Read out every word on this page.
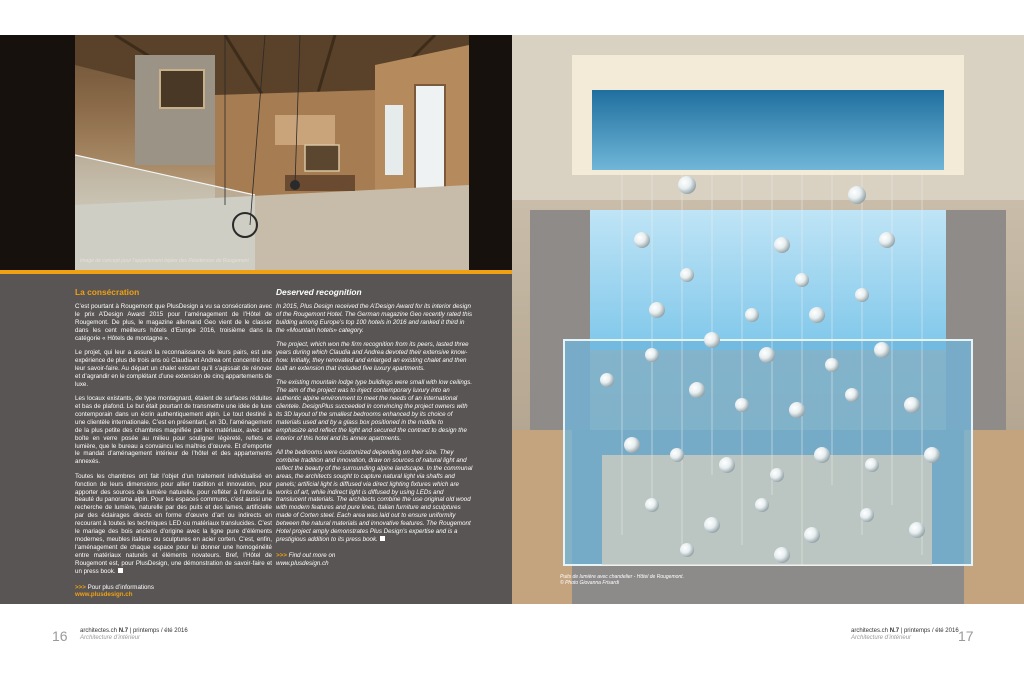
Image de concept pour l’appartement triplex des Résidences de Rougemont
La consécration

C’est pourtant à Rougemont que PlusDesign a vu sa consécration avec le prix A’Design Award 2015 pour l’aménagement de l’Hôtel de Rougemont. De plus, le magazine allemand Geo vient de le classer dans les cent meilleurs hôtels d’Europe 2016, troisième dans la catégorie « Hôtels de montagne ».

Le projet, qui leur a assuré la reconnaissance de leurs pairs, est une expérience de plus de trois ans où Claudia et Andrea ont concentré tout leur savoir-faire. Au départ un chalet existant qu’il s’agissait de rénover et d’agrandir en le complétant d’une extension de cinq appartements de luxe.

Les locaux existants, de type montagnard, étaient de surfaces réduites et bas de plafond. Le but était pourtant de transmettre une idée de luxe contemporain dans un écrin authentiquement alpin. Le tout destiné à une clientèle internationale. C’est en présentant, en 3D, l’aménagement de la plus petite des chambres magnifiée par les matériaux, avec une boîte en verre posée au milieu pour souligner légèreté, reflets et lumière, que le bureau a convaincu les maîtres d’œuvre. Et d’emporter le mandat d’aménagement intérieur de l’hôtel et des appartements annexés.

Toutes les chambres ont fait l’objet d’un traitement individualisé en fonction de leurs dimensions pour allier tradition et innovation, pour apporter des sources de lumière naturelle, pour refléter à l’intérieur la beauté du panorama alpin. Pour les espaces communs, c’est aussi une recherche de lumière, naturelle par des puits et des lames, artificielle par des éclairages directs en forme d’œuvre d’art ou indirects en recourant à toutes les techniques LED ou matériaux translucides. C’est le mariage des bois anciens d’origine avec la ligne pure d’éléments modernes, meubles italiens ou sculptures en acier corten. C’est, enfin, l’aménagement de chaque espace pour lui donner une homogénéité entre matériaux naturels et éléments novateurs. Bref, l’Hôtel de Rougemont est, pour PlusDesign, une démonstration de savoir-faire et un press book.

>>> Pour plus d’informations
www.plusdesign.ch
Deserved recognition

In 2015, Plus Design received the A’Design Award for its interior design of the Rougemont Hotel. The German magazine Geo recently rated this building among Europe’s top 100 hotels in 2016 and ranked it third in the «Mountain hotels» category.

The project, which won the firm recognition from its peers, lasted three years during which Claudia and Andrea devoted their extensive know-how. Initially, they renovated and enlarged an existing chalet and then built an extension that included five luxury apartments.

The existing mountain lodge type buildings were small with low ceilings. The aim of the project was to inject contemporary luxury into an authentic alpine environment to meet the needs of an international clientele. DesignPlus succeeded in convincing the project owners with its 3D layout of the smallest bedrooms enhanced by its choice of materials used and by a glass box positioned in the middle to emphasize and reflect the light and secured the contract to design the interior of this hotel and its annex apartments.

All the bedrooms were customized depending on their size. They combine tradition and innovation, draw on sources of natural light and reflect the beauty of the surrounding alpine landscape. In the communal areas, the architects sought to capture natural light via shafts and panels; artificial light is diffused via direct lighting fixtures which are works of art, while indirect light is diffused by using LEDs and translucent materials. The architects combine the use original old wood with modern features and pure lines, Italian furniture and sculptures made of Corten steel. Each area was laid out to ensure uniformity between the natural materials and innovative features. The Rougemont Hotel project amply demonstrates Plus Design’s expertise and is a prestigious addition to its press book.

>>> Find out more on
www.plusdesign.ch
16 architectes.ch N.7 | printemps / été 2016
Architecture d’intérieur
Puits de lumière avec chandelier - Hôtel de Rougemont.
© Photo Giovanna Frisardi
architectes.ch N.7 | printemps / été 2016
Architecture d’intérieur	17
